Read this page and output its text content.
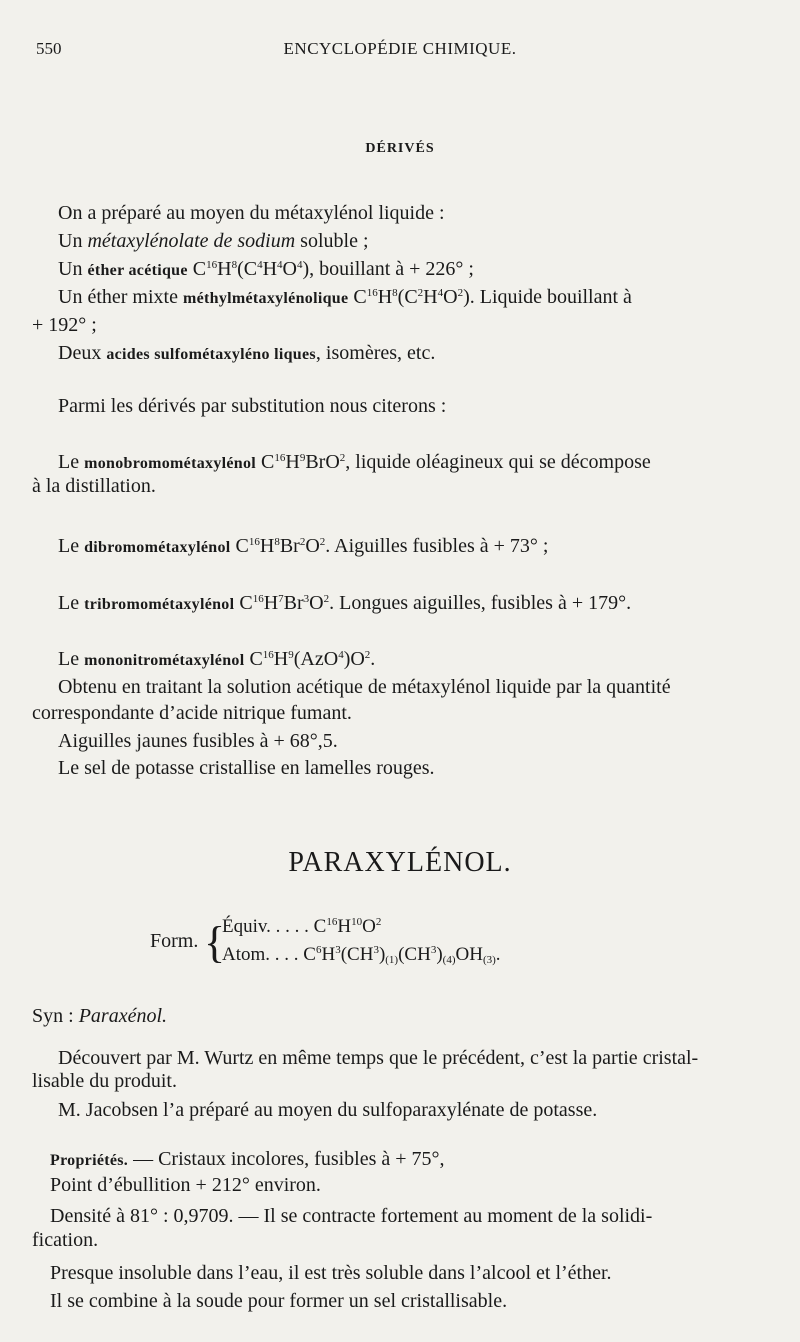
550	ENCYCLOPÉDIE CHIMIQUE.
DÉRIVÉS
On a préparé au moyen du métaxylénol liquide :
Un métaxylénolate de sodium soluble ;
Un éther acétique $C^{16}H^8(C^4H^4O^4)$, bouillant à + 226° ;
Un éther mixte méthylmétaxylénolique $C^{16}H^8(C^2H^4O^2)$. Liquide bouillant à
+ 192° ;
Deux acides sulfométaxyléno liques, isomères, etc.
Parmi les dérivés par substitution nous citerons :
Le monobromométaxylénol $C^{16}H^9BrO^2$, liquide oléagineux qui se décompose
à la distillation.
Le dibromométaxylénol $C^{16}H^8Br^2O^2$. Aiguilles fusibles à + 73° ;
Le tribromométaxylénol $C^{16}H^7Br^3O^2$. Longues aiguilles, fusibles à + 179°.
Le mononitrométaxylénol $C^{16}H^9(AzO^4)O^2$.
Obtenu en traitant la solution acétique de métaxylénol liquide par la quantité
correspondante d’acide nitrique fumant.
Aiguilles jaunes fusibles à + 68°,5.
Le sel de potasse cristallise en lamelles rouges.
PARAXYLÉNOL.
Form. {
Équiv. . . . . $C^{16}H^{10}O^2$
Atom. . . . $C^6H^3(CH^3)_{(1)}(CH^3)_{(4)}OH_{(3)}$.
Syn : Paraxénol.
Découvert par M. Wurtz en même temps que le précédent, c’est la partie cristal-
lisable du produit.
M. Jacobsen l’a préparé au moyen du sulfoparaxylénate de potasse.
Propriétés. — Cristaux incolores, fusibles à + 75°,
Point d’ébullition + 212° environ.
Densité à 81° : 0,9709. — Il se contracte fortement au moment de la solidi-
fication.
Presque insoluble dans l’eau, il est très soluble dans l’alcool et l’éther.
Il se combine à la soude pour former un sel cristallisable.
